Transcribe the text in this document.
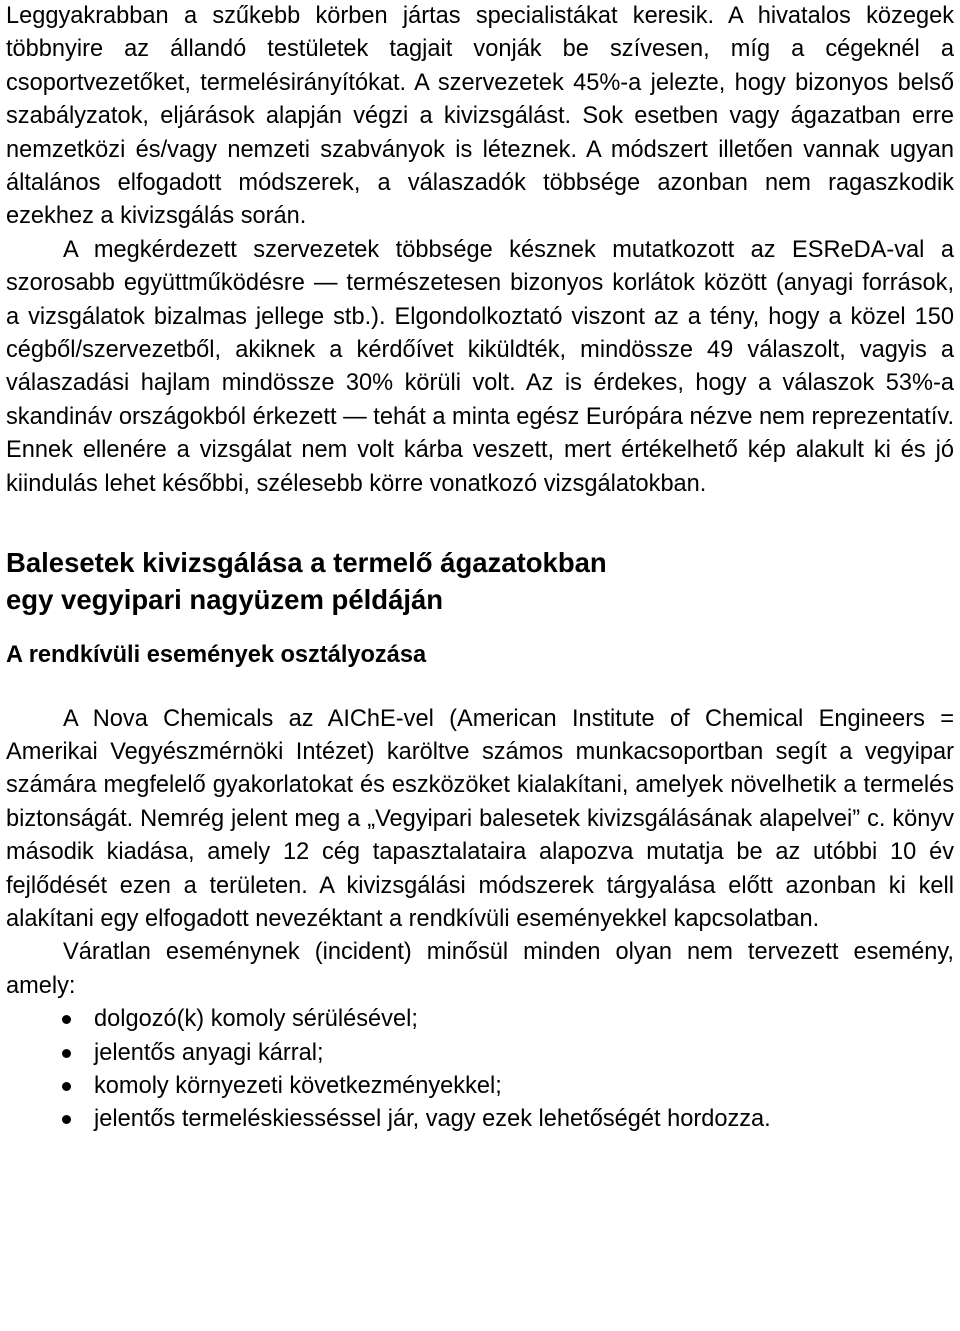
Leggyakrabban a szűkebb körben jártas specialistákat keresik. A hivatalos közegek többnyire az állandó testületek tagjait vonják be szívesen, míg a cégeknél a csoportvezetőket, termelésirányítókat. A szervezetek 45%-a jelezte, hogy bizonyos belső szabályzatok, eljárások alapján végzi a kivizsgálást. Sok esetben vagy ágazatban erre nemzetközi és/vagy nemzeti szabványok is léteznek. A módszert illetően vannak ugyan általános elfogadott módszerek, a válaszadók többsége azonban nem ragaszkodik ezekhez a kivizsgálás során.

A megkérdezett szervezetek többsége késznek mutatkozott az ESReDA-val a szorosabb együttműködésre — természetesen bizonyos korlátok között (anyagi források, a vizsgálatok bizalmas jellege stb.). Elgondolkoztató viszont az a tény, hogy a közel 150 cégből/szervezetből, akiknek a kérdőívet kiküldték, mindössze 49 válaszolt, vagyis a válaszadási hajlam mindössze 30% körüli volt. Az is érdekes, hogy a válaszok 53%-a skandináv országokból érkezett — tehát a minta egész Európára nézve nem reprezentatív. Ennek ellenére a vizsgálat nem volt kárba veszett, mert értékelhető kép alakult ki és jó kiindulás lehet későbbi, szélesebb körre vonatkozó vizsgálatokban.

Balesetek kivizsgálása a termelő ágazatokban
egy vegyipari nagyüzem példáján
A rendkívüli események osztályozása

A Nova Chemicals az AIChE-vel (American Institute of Chemical Engineers = Amerikai Vegyészmérnöki Intézet) karöltve számos munkacsoportban segít a vegyipar számára megfelelő gyakorlatokat és eszközöket kialakítani, amelyek növelhetik a termelés biztonságát. Nemrég jelent meg a „Vegyipari balesetek kivizsgálásának alapelvei” c. könyv második kiadása, amely 12 cég tapasztalataira alapozva mutatja be az utóbbi 10 év fejlődését ezen a területen. A kivizsgálási módszerek tárgyalása előtt azonban ki kell alakítani egy elfogadott nevezéktant a rendkívüli eseményekkel kapcsolatban.

Váratlan eseménynek (incident) minősül minden olyan nem tervezett esemény, amely:

dolgozó(k) komoly sérülésével;
jelentős anyagi kárral;
komoly környezeti következményekkel;
jelentős termeléskiesséssel jár, vagy ezek lehetőségét hordozza.
